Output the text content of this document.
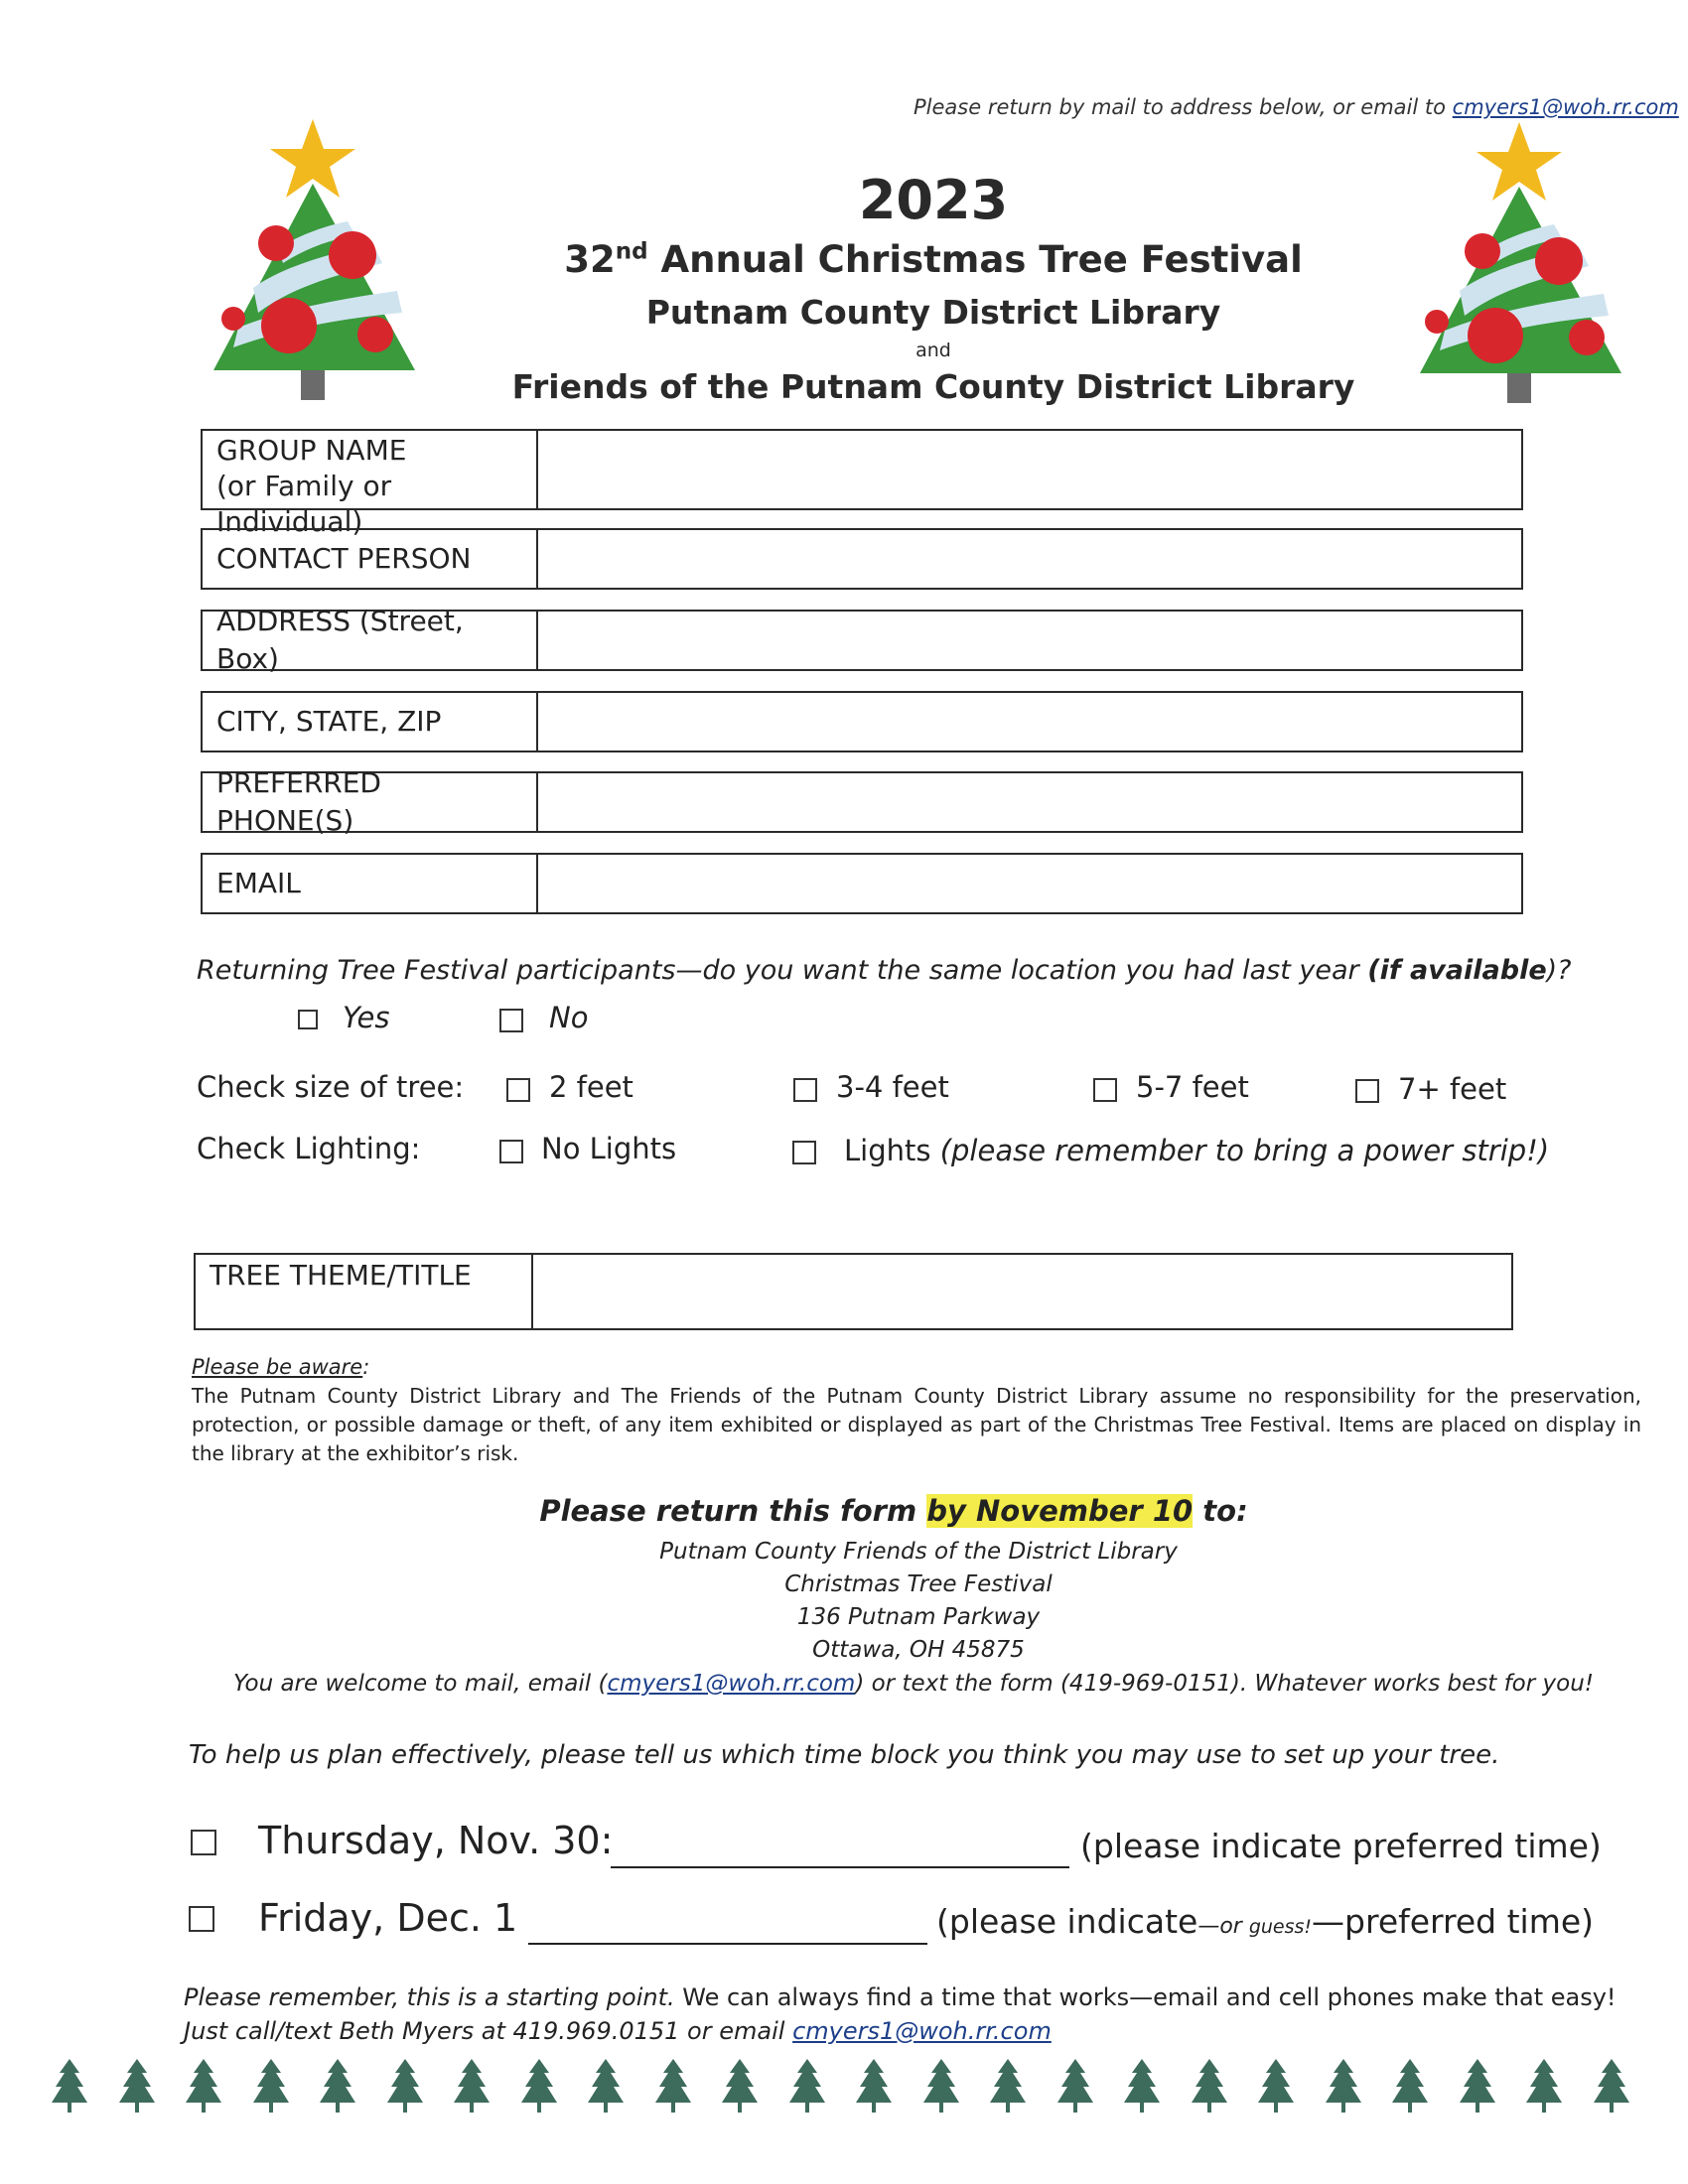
Please return by mail to address below, or email to cmyers1@woh.rr.com
2023
32nd Annual Christmas Tree Festival
Putnam County District Library
and
Friends of the Putnam County District Library
GROUP NAME
(or Family or Individual)
CONTACT PERSON
ADDRESS (Street, Box)
CITY, STATE, ZIP
PREFERRED PHONE(S)
EMAIL
Returning Tree Festival participants—do you want the same location you had last year (if available)?
Yes	No
Check size of tree:	2 feet	3-4 feet	5-7 feet	7+ feet
Check Lighting:	No Lights	Lights (please remember to bring a power strip!)
TREE THEME/TITLE
Please be aware:
The Putnam County District Library and The Friends of the Putnam County District Library assume no responsibility for the preservation, protection, or possible damage or theft, of any item exhibited or displayed as part of the Christmas Tree Festival. Items are placed on display in the library at the exhibitor’s risk.
Please return this form by November 10 to:
Putnam County Friends of the District Library
Christmas Tree Festival
136 Putnam Parkway
Ottawa, OH 45875
You are welcome to mail, email (cmyers1@woh.rr.com) or text the form (419-969-0151). Whatever works best for you!
To help us plan effectively, please tell us which time block you think you may use to set up your tree.
Thursday, Nov. 30:	(please indicate preferred time)
Friday, Dec. 1	(please indicate—or guess!—preferred time)
Please remember, this is a starting point. We can always find a time that works—email and cell phones make that easy! Just call/text Beth Myers at 419.969.0151 or email cmyers1@woh.rr.com
